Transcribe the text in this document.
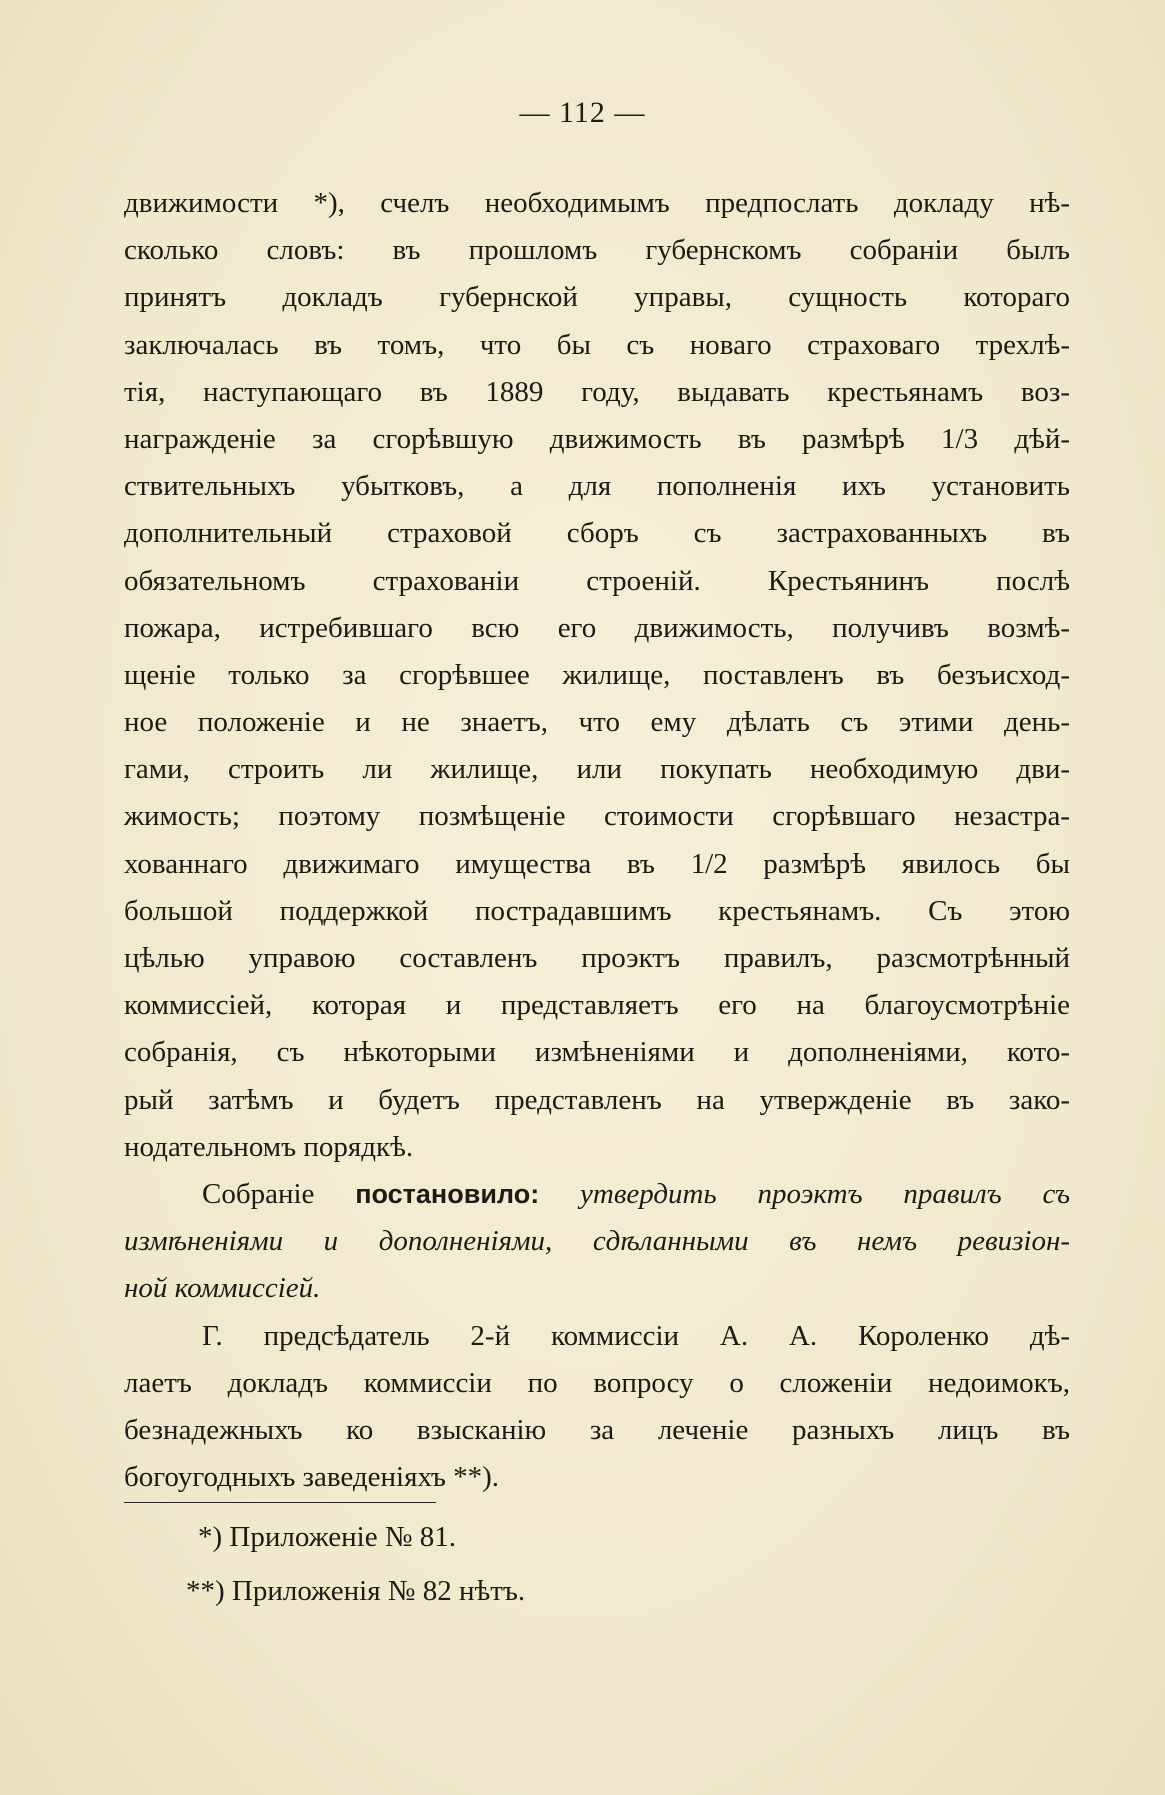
— 112 —
движимости *), счелъ необходимымъ предпослать докладу нѣ-
сколько словъ: въ прошломъ губернскомъ собраніи былъ
принятъ докладъ губернской управы, сущность котораго
заключалась въ томъ, что бы съ новаго страховаго трехлѣ-
тія, наступающаго въ 1889 году, выдавать крестьянамъ воз-
награжденіе за сгорѣвшую движимость въ размѣрѣ 1/3 дѣй-
ствительныхъ убытковъ, а для пополненія ихъ установить
дополнительный страховой сборъ съ застрахованныхъ въ
обязательномъ страхованіи строеній. Крестьянинъ послѣ
пожара, истребившаго всю его движимость, получивъ возмѣ-
щеніе только за сгорѣвшее жилище, поставленъ въ безъисход-
ное положеніе и не знаетъ, что ему дѣлать съ этими день-
гами, строить ли жилище, или покупать необходимую дви-
жимость; поэтому позмѣщеніе стоимости сгорѣвшаго незастра-
хованнаго движимаго имущества въ 1/2 размѣрѣ явилось бы
большой поддержкой пострадавшимъ крестьянамъ. Съ этою
цѣлью управою составленъ проэктъ правилъ, разсмотрѣнный
коммиссіей, которая и представляетъ его на благоусмотрѣніе
собранія, съ нѣкоторыми измѣненіями и дополненіями, кото-
рый затѣмъ и будетъ представленъ на утвержденіе въ зако-
нодательномъ порядкѣ.
Собраніе постановило: утвердить проэктъ правилъ съ
измѣненіями и дополненіями, сдѣланными въ немъ ревизіон-
ной коммиссіей.
Г. предсѣдатель 2-й коммиссіи А. А. Короленко дѣ-
лаетъ докладъ коммиссіи по вопросу о сложеніи недоимокъ,
безнадежныхъ ко взысканію за леченіе разныхъ лицъ въ
богоугодныхъ заведеніяхъ **).
*) Приложеніе № 81.
**) Приложенія № 82 нѣтъ.
